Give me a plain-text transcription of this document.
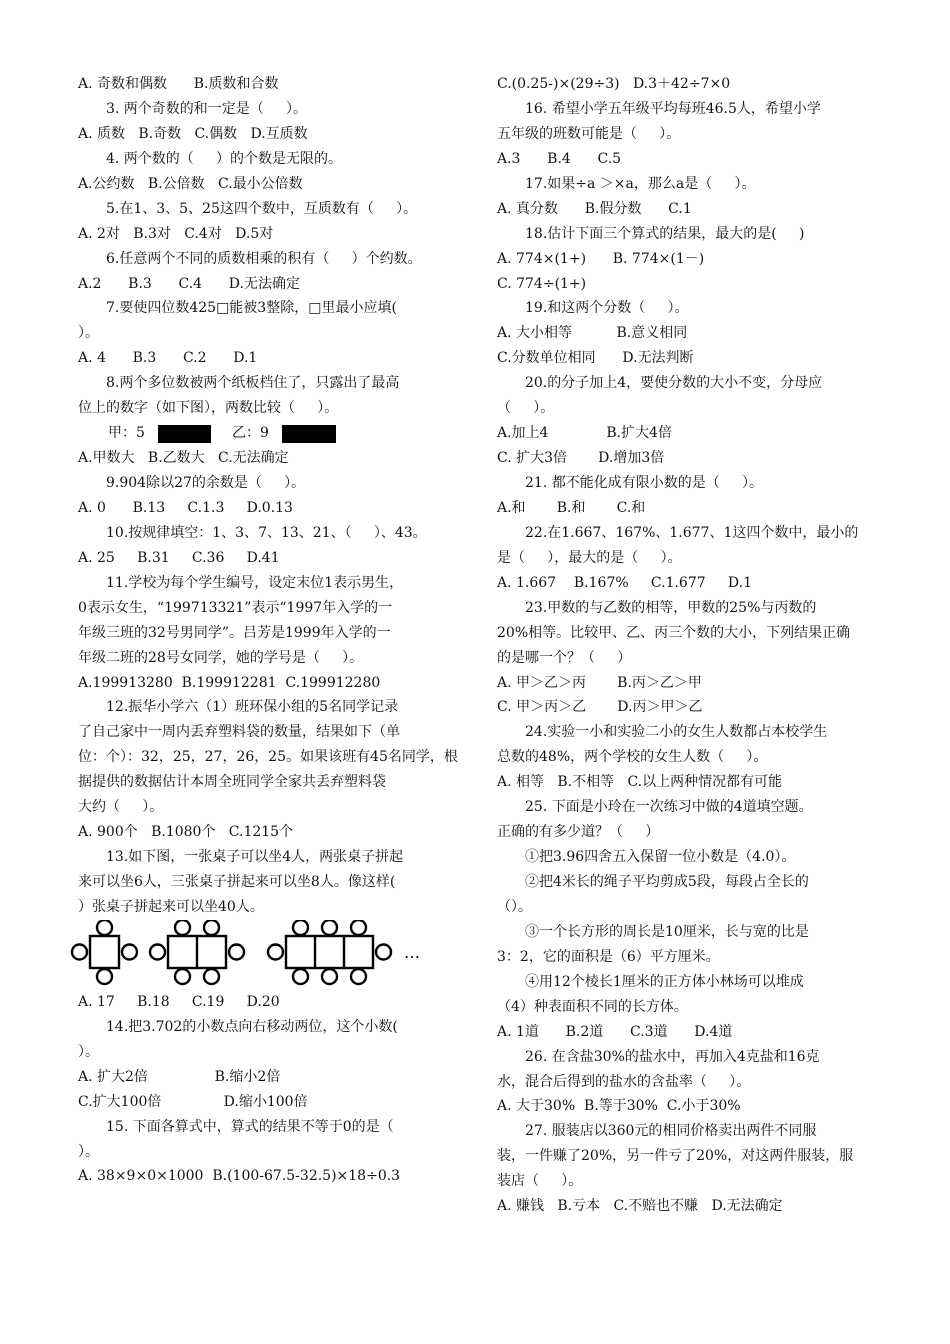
A. 奇数和偶数      B.质数和合数
3. 两个奇数的和一定是（     ）。
A. 质数   B.奇数   C.偶数   D.互质数
4. 两个数的（     ）的个数是无限的。
A.公约数   B.公倍数   C.最小公倍数
5.在1、3、5、25这四个数中，互质数有（     ）。
A. 2对   B.3对   C.4对   D.5对
6.任意两个不同的质数相乘的积有（     ）个约数。
A.2      B.3      C.4      D.无法确定
7.要使四位数425□能被3整除，□里最小应填(
）。
A. 4      B.3      C.2      D.1
8.两个多位数被两个纸板档住了，只露出了最高
位上的数字（如下图），两数比较（     ）。
甲：5	乙：9
A.甲数大   B.乙数大   C.无法确定
9.904除以27的余数是（     ）。
A. 0      B.13     C.1.3     D.0.13
10.按规律填空：1、3、7、13、21、（     ）、43。
A. 25     B.31     C.36     D.41
11.学校为每个学生编号，设定末位1表示男生，
0表示女生，“199713321”表示“1997年入学的一
年级三班的32号男同学”。吕芳是1999年入学的一
年级二班的28号女同学，她的学号是（     ）。
A.199913280  B.199912281  C.199912280
12.振华小学六（1）班环保小组的5名同学记录
了自己家中一周内丢弃塑料袋的数量，结果如下（单
位：个）：32，25，27，26，25。如果该班有45名同学，根
据提供的数据估计本周全班同学全家共丢弃塑料袋
大约（     ）。
A. 900个   B.1080个   C.1215个
13.如下图，一张桌子可以坐4人，两张桌子拼起
来可以坐6人，三张桌子拼起来可以坐8人。像这样(
）张桌子拼起来可以坐40人。
…
A. 17     B.18     C.19     D.20
14.把3.702的小数点向右移动两位，这个小数(
）。
A. 扩大2倍               B.缩小2倍
C.扩大100倍              D.缩小100倍
15. 下面各算式中，算式的结果不等于0的是（
）。
A. 38×9×0×1000  B.(100-67.5-32.5)×18÷0.3
C.(0.25-)×(29÷3)   D.3＋42÷7×0
16. 希望小学五年级平均每班46.5人，希望小学
五年级的班数可能是（     ）。
A.3      B.4      C.5
17.如果÷a ＞×a，那么a是（     ）。
A. 真分数      B.假分数      C.1
18.估计下面三个算式的结果，最大的是(     )
A. 774×(1+)      B. 774×(1－)
C. 774÷(1+)
19.和这两个分数（     ）。
A. 大小相等          B.意义相同
C.分数单位相同      D.无法判断
20.的分子加上4，要使分数的大小不变，分母应
（     ）。
A.加上4             B.扩大4倍
C. 扩大3倍       D.增加3倍
21. 都不能化成有限小数的是（     ）。
A.和       B.和       C.和
22.在1.667、167%、1.677、1这四个数中，最小的
是（     ），最大的是（     ）。
A. 1.667    B.167%     C.1.677     D.1
23.甲数的与乙数的相等，甲数的25%与丙数的
20%相等。比较甲、乙、丙三个数的大小，下列结果正确
的是哪一个？（     ）
A. 甲＞乙＞丙       B.丙＞乙＞甲
C. 甲＞丙＞乙       D.丙＞甲＞乙
24.实验一小和实验二小的女生人数都占本校学生
总数的48%，两个学校的女生人数（     ）。
A. 相等   B.不相等   C.以上两种情况都有可能
25. 下面是小玲在一次练习中做的4道填空题。
正确的有多少道？（     ）
①把3.96四舍五入保留一位小数是（4.0）。
②把4米长的绳子平均剪成5段，每段占全长的
（）。
③一个长方形的周长是10厘米，长与宽的比是
3：2，它的面积是（6）平方厘米。
④用12个棱长1厘米的正方体小林场可以堆成
（4）种表面积不同的长方体。
A. 1道      B.2道      C.3道      D.4道
26. 在含盐30%的盐水中，再加入4克盐和16克
水，混合后得到的盐水的含盐率（     ）。
A. 大于30%  B.等于30%  C.小于30%
27. 服装店以360元的相同价格卖出两件不同服
装，一件赚了20%，另一件亏了20%，对这两件服装，服
装店（     ）。
A. 赚钱   B.亏本   C.不赔也不赚   D.无法确定
